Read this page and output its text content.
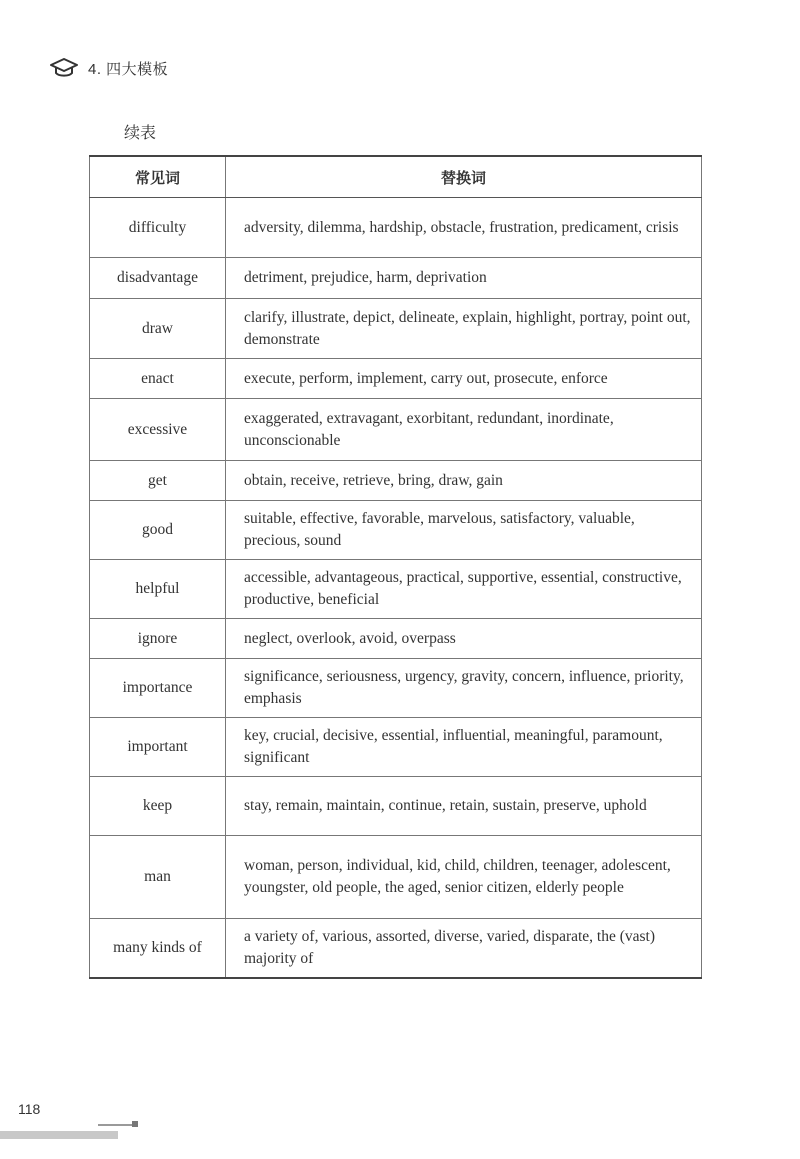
4. 四大模板
续表
常见词	替换词
difficulty	adversity, dilemma, hardship, obstacle, frustration, predicament, crisis
disadvantage	detriment, prejudice, harm, deprivation
draw	clarify, illustrate, depict, delineate, explain, highlight, portray, point out, demonstrate
enact	execute, perform, implement, carry out, prosecute, enforce
excessive	exaggerated, extravagant, exorbitant, redundant, inordinate, unconscionable
get	obtain, receive, retrieve, bring, draw, gain
good	suitable, effective, favorable, marvelous, satisfactory, valuable, precious, sound
helpful	accessible, advantageous, practical, supportive, essential, constructive, productive, beneficial
ignore	neglect, overlook, avoid, overpass
importance	significance, seriousness, urgency, gravity, concern, influence, priority, emphasis
important	key, crucial, decisive, essential, influential, meaningful, paramount, significant
keep	stay, remain, maintain, continue, retain, sustain, preserve, uphold
man	woman, person, individual, kid, child, children, teenager, adolescent, youngster, old people, the aged, senior citizen, elderly people
many kinds of	a variety of, various, assorted, diverse, varied, disparate, the (vast) majority of
118
